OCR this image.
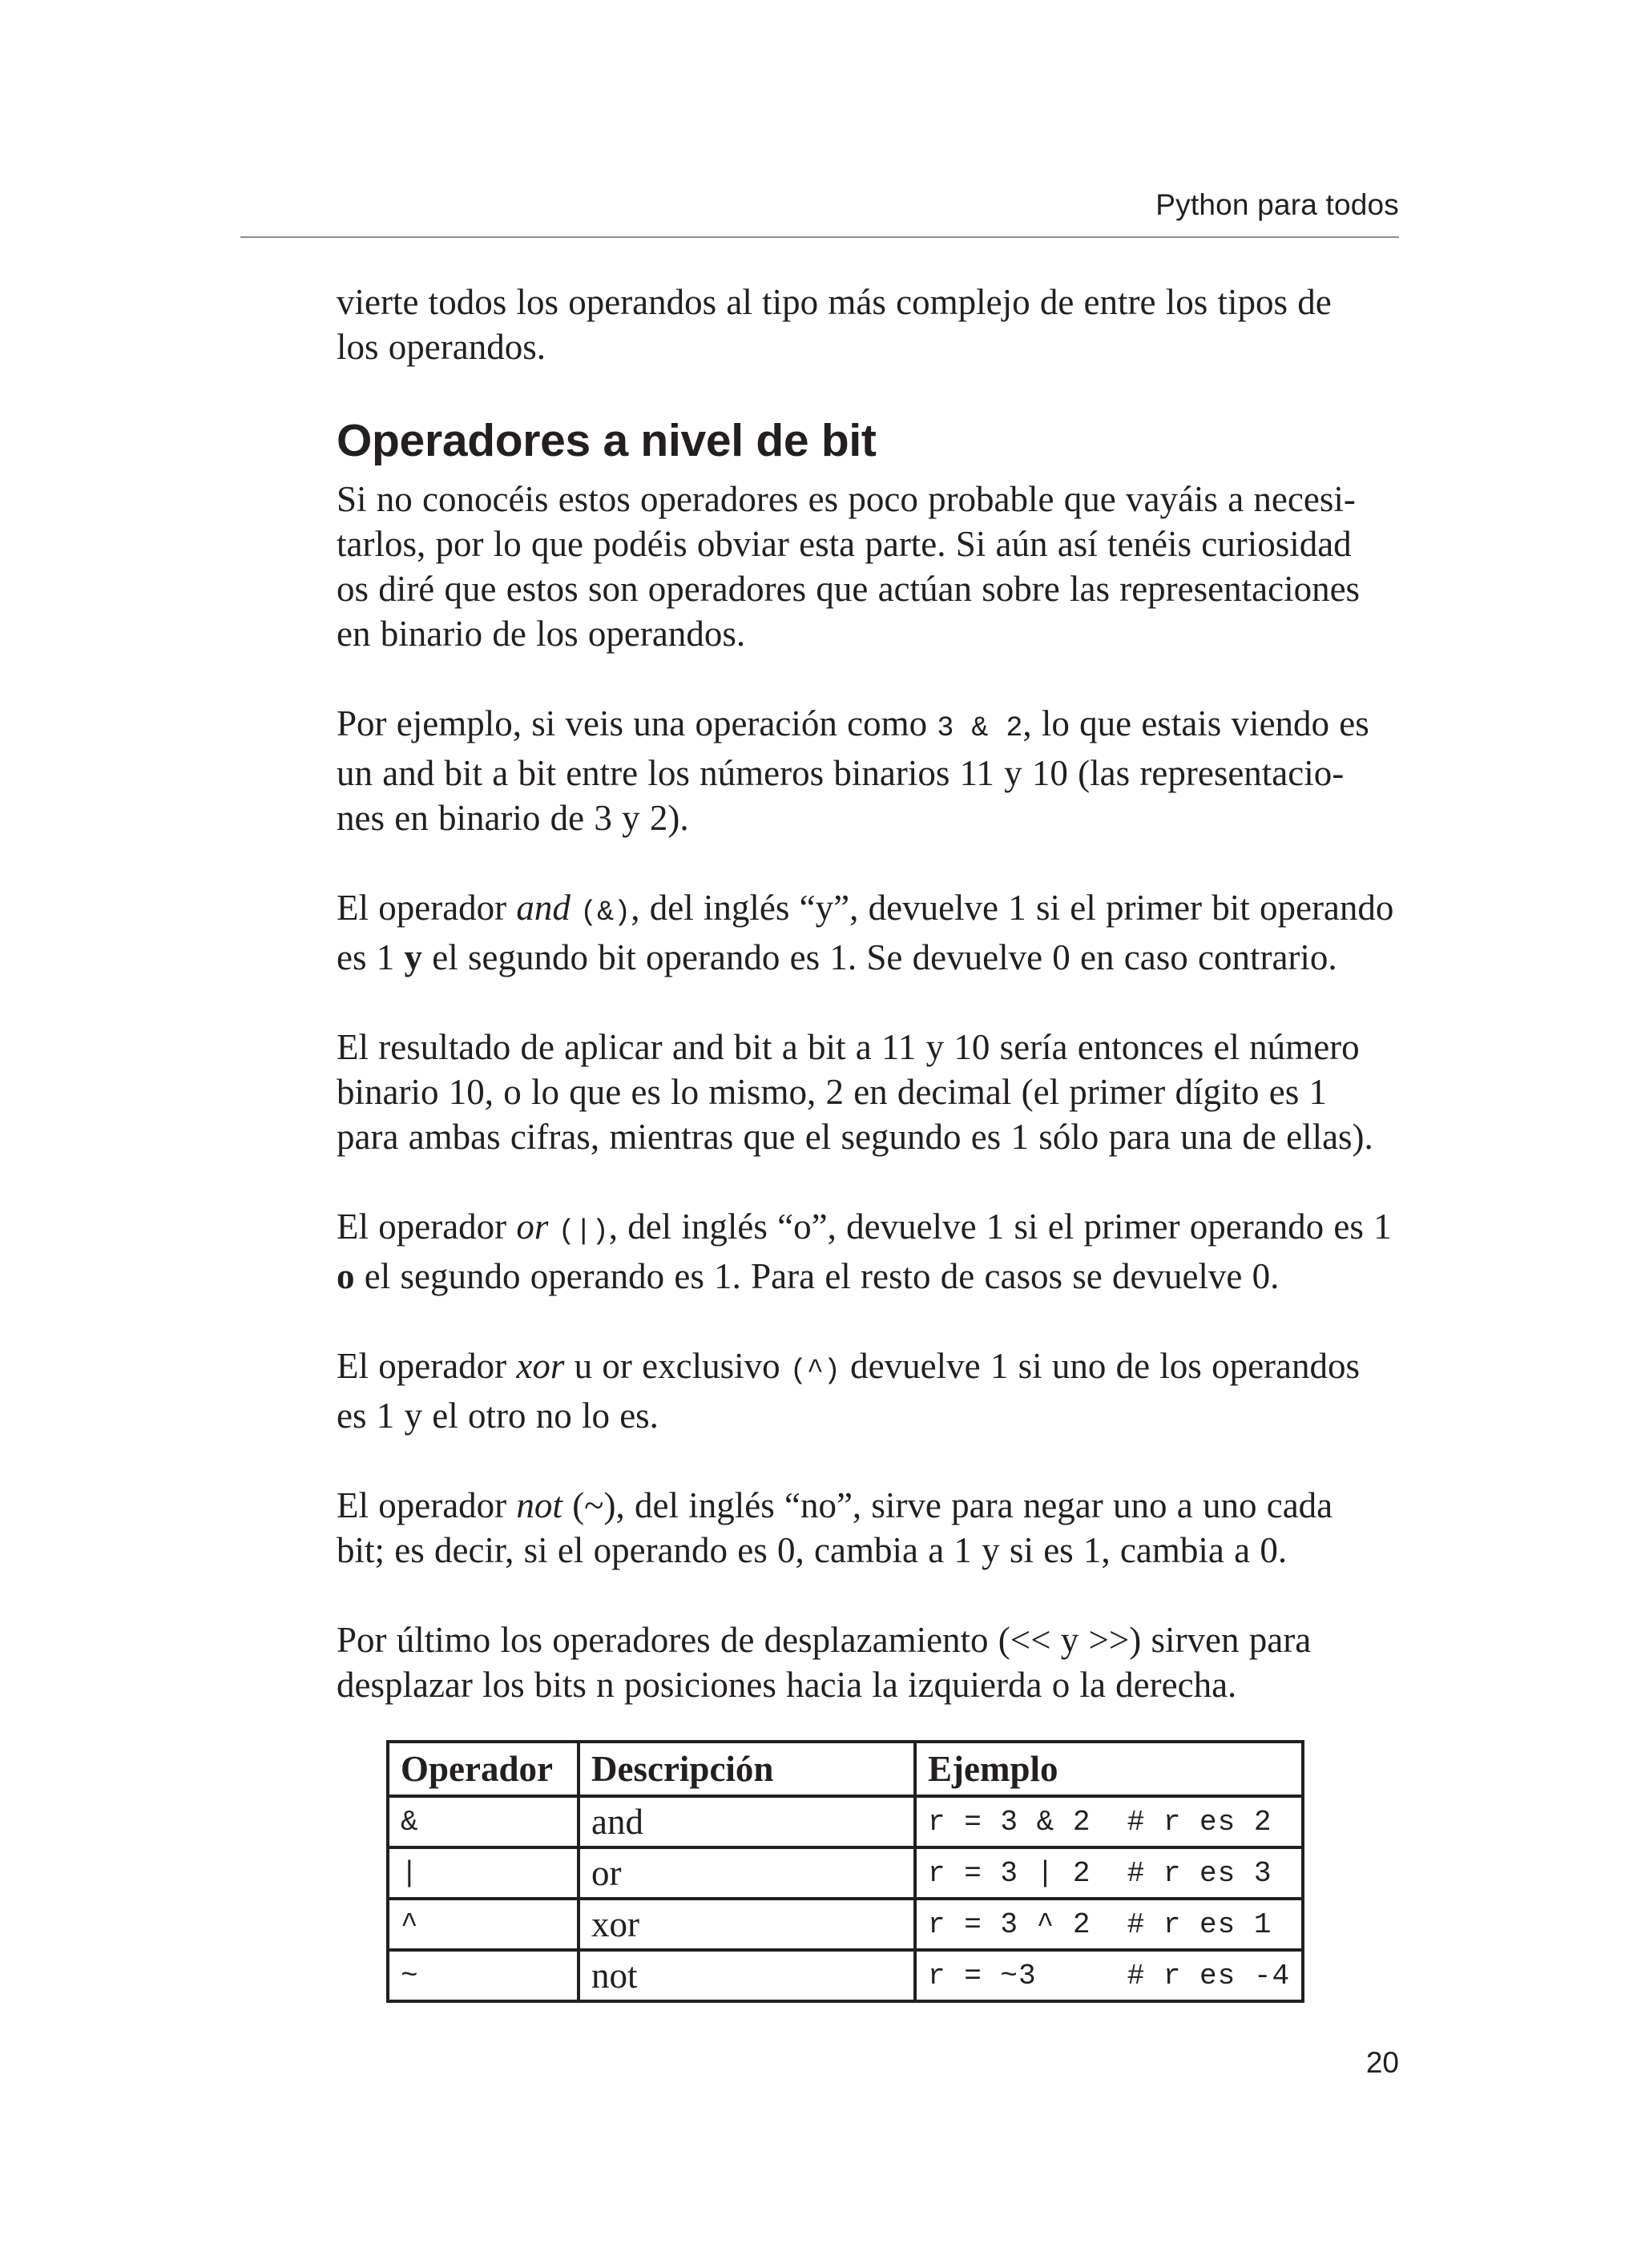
Python para todos

vierte todos los operandos al tipo más complejo de entre los tipos de
los operandos.

Operadores a nivel de bit

Si no conocéis estos operadores es poco probable que vayáis a necesi-
tarlos, por lo que podéis obviar esta parte. Si aún así tenéis curiosidad
os diré que estos son operadores que actúan sobre las representaciones
en binario de los operandos.

Por ejemplo, si veis una operación como 3 & 2, lo que estais viendo es
un and bit a bit entre los números binarios 11 y 10 (las representacio-
nes en binario de 3 y 2).

El operador and (&), del inglés “y”, devuelve 1 si el primer bit operando
es 1 y el segundo bit operando es 1. Se devuelve 0 en caso contrario.

El resultado de aplicar and bit a bit a 11 y 10 sería entonces el número
binario 10, o lo que es lo mismo, 2 en decimal (el primer dígito es 1
para ambas cifras, mientras que el segundo es 1 sólo para una de ellas).

El operador or (|), del inglés “o”, devuelve 1 si el primer operando es 1
o el segundo operando es 1. Para el resto de casos se devuelve 0.

El operador xor u or exclusivo (^) devuelve 1 si uno de los operandos
es 1 y el otro no lo es.

El operador not (~), del inglés “no”, sirve para negar uno a uno cada
bit; es decir, si el operando es 0, cambia a 1 y si es 1, cambia a 0.

Por último los operadores de desplazamiento (<< y >>) sirven para
desplazar los bits n posiciones hacia la izquierda o la derecha.

Operador	Descripción	Ejemplo
&	and	r = 3 & 2  # r es 2
|	or	r = 3 | 2  # r es 3
^	xor	r = 3 ^ 2  # r es 1
~	not	r = ~3     # r es -4
20
